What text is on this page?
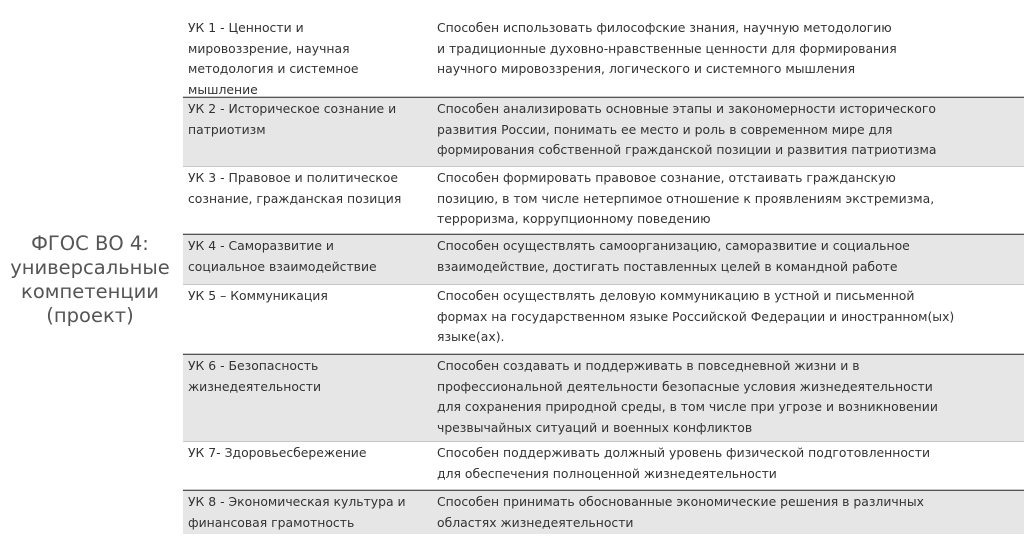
ФГОС ВО 4:
универсальные
компетенции
(проект)
УК 1 - Ценности и
мировоззрение, научная
методология и системное
мышление
Способен использовать философские знания, научную методологию
и традиционные духовно-нравственные ценности для формирования
научного мировоззрения, логического и системного мышления
УК 2 - Историческое сознание и
патриотизм
Способен анализировать основные этапы и закономерности исторического
развития России, понимать ее место и роль в современном мире для
формирования собственной гражданской позиции и развития патриотизма
УК 3 - Правовое и политическое
сознание, гражданская позиция
Способен формировать правовое сознание, отстаивать гражданскую
позицию, в том числе нетерпимое отношение к проявлениям экстремизма,
терроризма, коррупционному поведению
УК 4 - Саморазвитие и
социальное взаимодействие
Способен осуществлять самоорганизацию, саморазвитие и социальное
взаимодействие, достигать поставленных целей в командной работе
УК 5 – Коммуникация	Способен осуществлять деловую коммуникацию в устной и письменной
формах на государственном языке Российской Федерации и иностранном(ых)
языке(ах).
УК 6 - Безопасность
жизнедеятельности
Способен создавать и поддерживать в повседневной жизни и в
профессиональной деятельности безопасные условия жизнедеятельности
для сохранения природной среды, в том числе при угрозе и возникновении
чрезвычайных ситуаций и военных конфликтов
УК 7- Здоровьесбережение	Способен поддерживать должный уровень физической подготовленности
для обеспечения полноценной жизнедеятельности
УК 8 - Экономическая культура и
финансовая грамотность
Способен принимать обоснованные экономические решения в различных
областях жизнедеятельности
